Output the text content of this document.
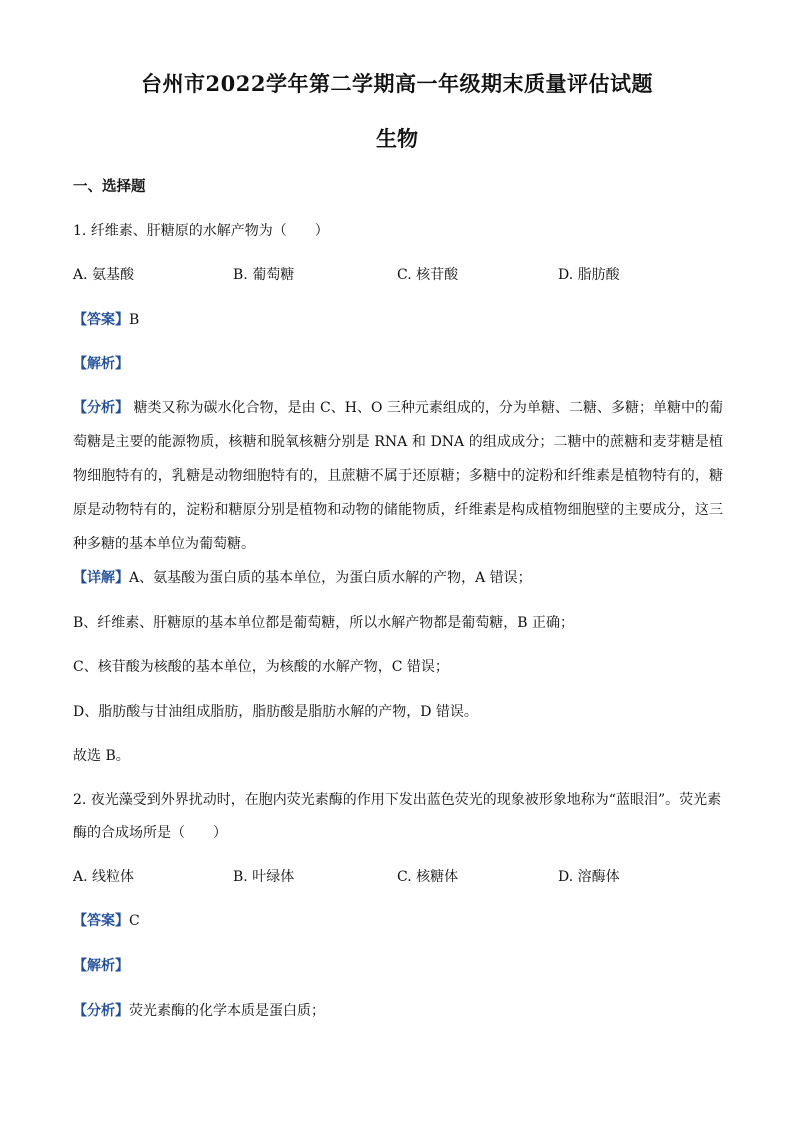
台州市2022学年第二学期高一年级期末质量评估试题
生物
一、选择题
1. 纤维素、肝糖原的水解产物为（　　）
A. 氨基酸	B. 葡萄糖	C. 核苷酸	D. 脂肪酸
【答案】B
【解析】
【分析】 糖类又称为碳水化合物，是由 C、H、O 三种元素组成的，分为单糖、二糖、多糖；单糖中的葡萄糖是主要的能源物质，核糖和脱氧核糖分别是 RNA 和 DNA 的组成成分；二糖中的蔗糖和麦芽糖是植物细胞特有的，乳糖是动物细胞特有的，且蔗糖不属于还原糖；多糖中的淀粉和纤维素是植物特有的，糖原是动物特有的，淀粉和糖原分别是植物和动物的储能物质，纤维素是构成植物细胞壁的主要成分，这三种多糖的基本单位为葡萄糖。
【详解】A、氨基酸为蛋白质的基本单位，为蛋白质水解的产物，A 错误；
B、纤维素、肝糖原的基本单位都是葡萄糖，所以水解产物都是葡萄糖，B 正确；
C、核苷酸为核酸的基本单位，为核酸的水解产物，C 错误；
D、脂肪酸与甘油组成脂肪，脂肪酸是脂肪水解的产物，D 错误。
故选 B。
2. 夜光藻受到外界扰动时，在胞内荧光素酶的作用下发出蓝色荧光的现象被形象地称为“蓝眼泪”。荧光素
酶的合成场所是（　　）
A. 线粒体	B. 叶绿体	C. 核糖体	D. 溶酶体
【答案】C
【解析】
【分析】荧光素酶的化学本质是蛋白质；
